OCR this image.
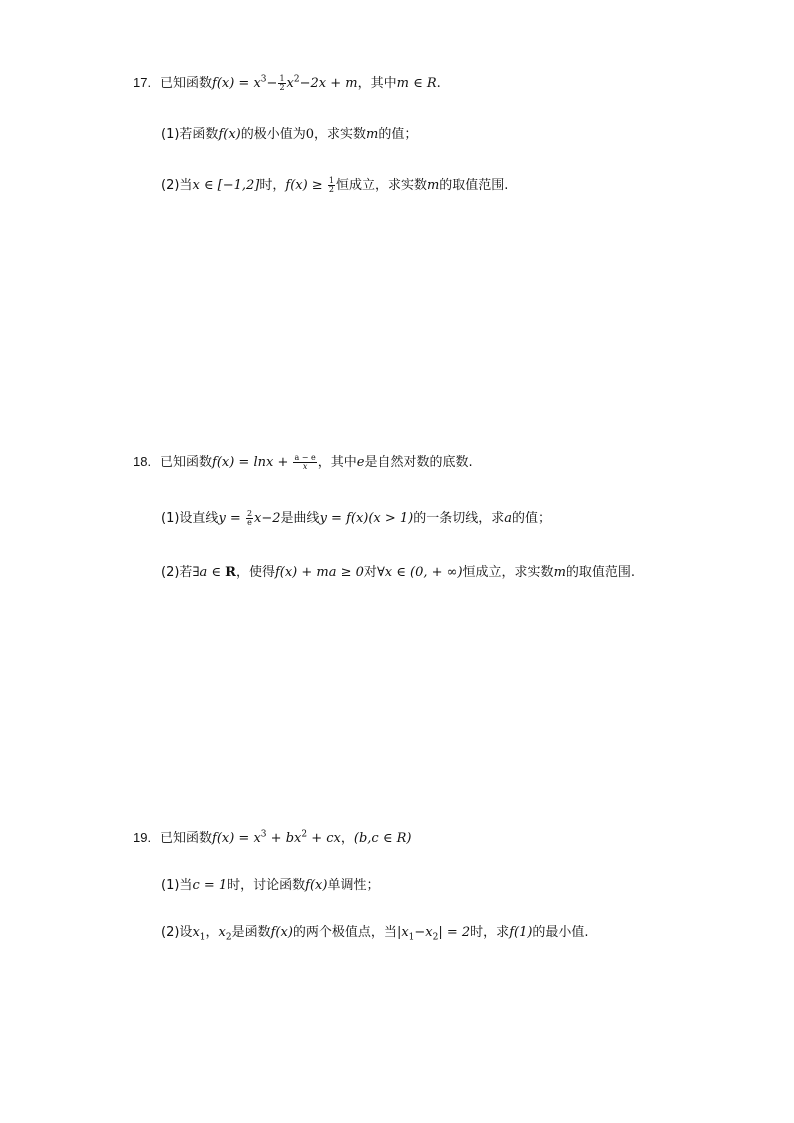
17. 已知函数$f(x) = x^3- \frac{1}{2} x^2-2x + m$，其中m ∈ R.
(1)若函数f(x)的极小值为0，求实数m的值；
(2)当x ∈ [−1,2]时，$f(x) \ge \frac{1}{2}$ 恒成立，求实数m的取值范围.
18. 已知函数$f(x) = \ln x + \frac{a - e}{x}$ ，其中e是自然对数的底数.
(1)设直线$y = \frac{2}{e} x-2$是曲线y = f(x)(x > 1)的一条切线，求a的值；
(2)若∃a ∈ R，使得f(x) + ma ≥ 0对∀x ∈ (0, + ∞)恒成立，求实数m的取值范围.
19. 已知函数$f(x) = x^3 + bx^2$ + cx，(b,c ∈ R)
(1)当c = 1时，讨论函数f(x)单调性；
(2)设$x_1$，$x_2$是函数f(x)的两个极值点，当$|x_1-x_2| = 2$时，求f(1)的最小值.
